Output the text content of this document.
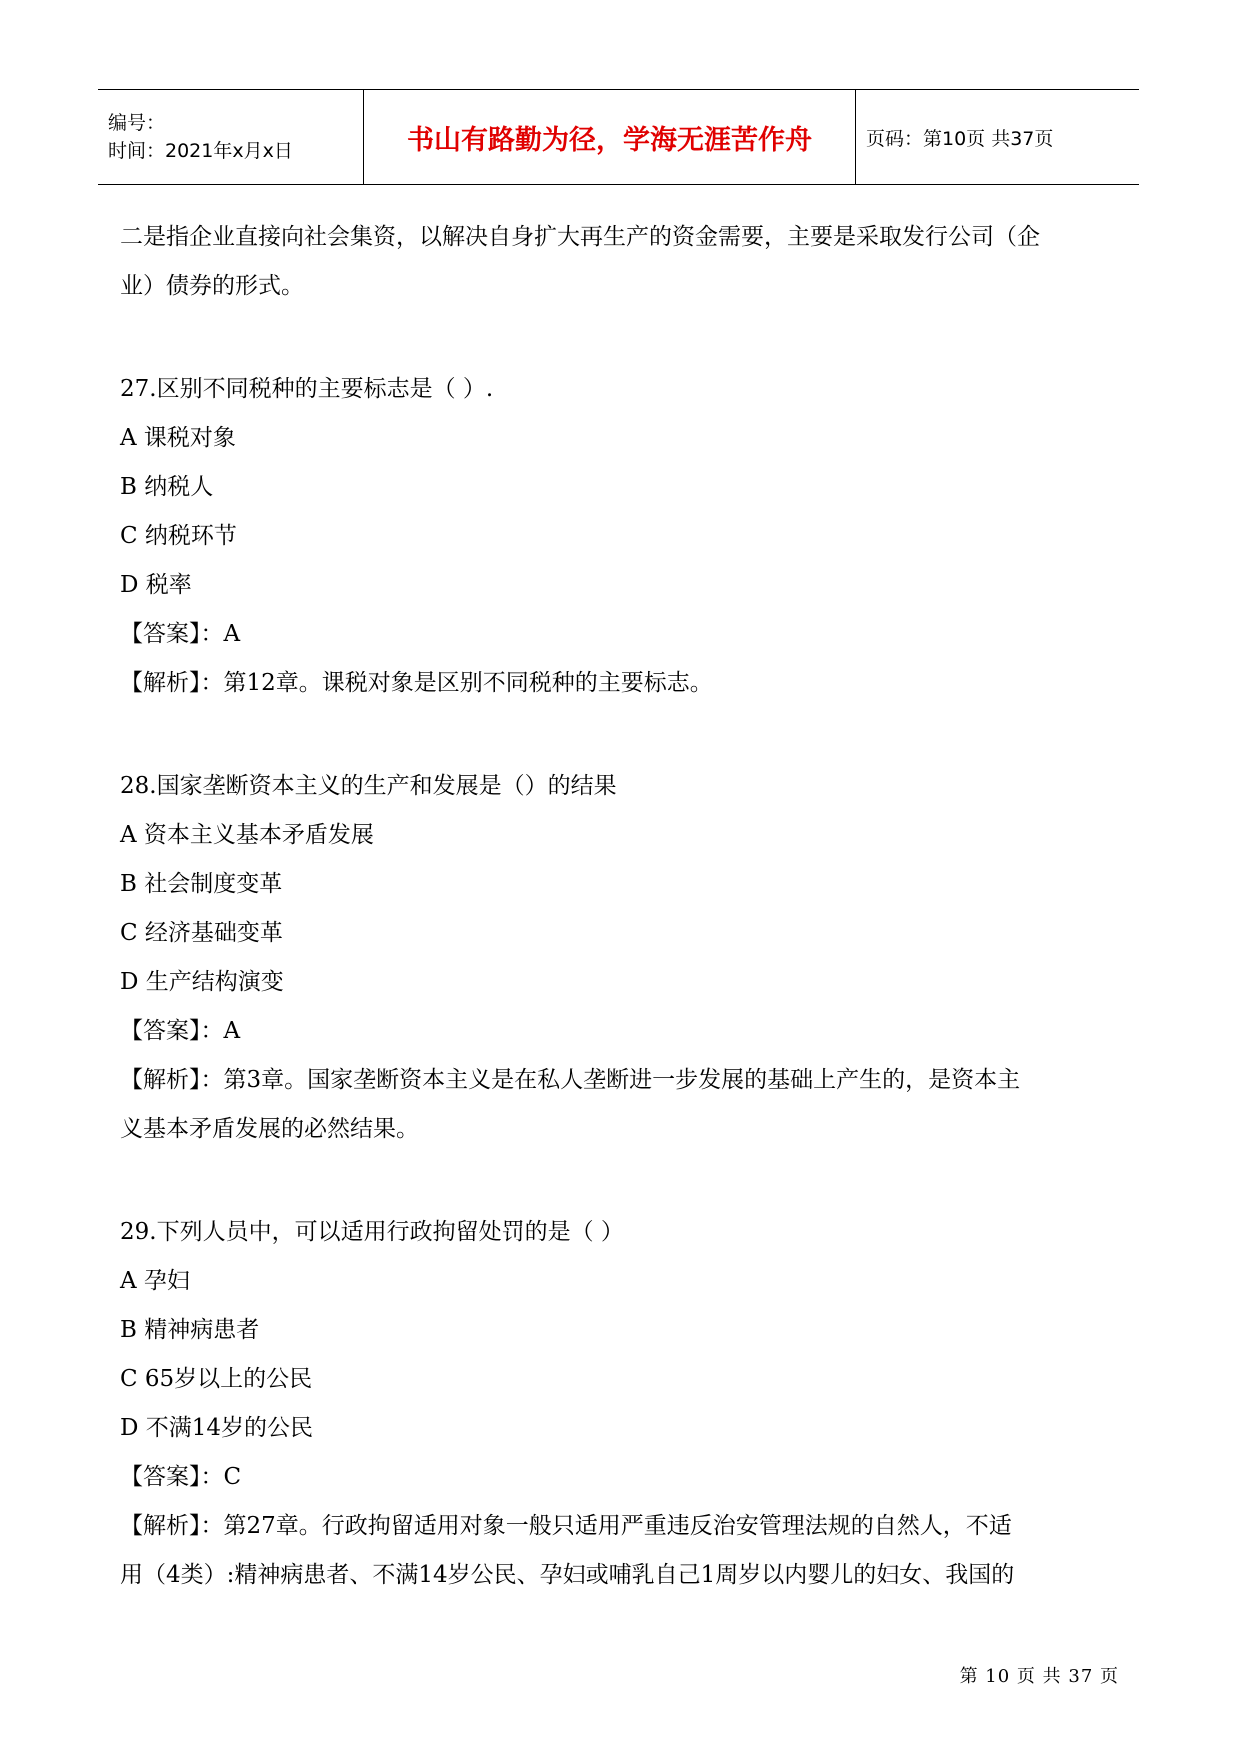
编号：
时间：2021年x月x日	书山有路勤为径，学海无涯苦作舟	页码：第10页 共37页
二是指企业直接向社会集资，以解决自身扩大再生产的资金需要，主要是采取发行公司（企
业）债券的形式。
27.区别不同税种的主要标志是（ ）.
A 课税对象
B 纳税人
C 纳税环节
D 税率
【答案】：A
【解析】：第12章。课税对象是区别不同税种的主要标志。
28.国家垄断资本主义的生产和发展是（）的结果
A 资本主义基本矛盾发展
B 社会制度变革
C 经济基础变革
D 生产结构演变
【答案】：A
【解析】：第3章。国家垄断资本主义是在私人垄断进一步发展的基础上产生的，是资本主
义基本矛盾发展的必然结果。
29.下列人员中，可以适用行政拘留处罚的是（ ）
A 孕妇
B 精神病患者
C 65岁以上的公民
D 不满14岁的公民
【答案】：C
【解析】：第27章。行政拘留适用对象一般只适用严重违反治安管理法规的自然人，不适
用（4类）:精神病患者、不满14岁公民、孕妇或哺乳自己1周岁以内婴儿的妇女、我国的
第 10 页 共 37 页
